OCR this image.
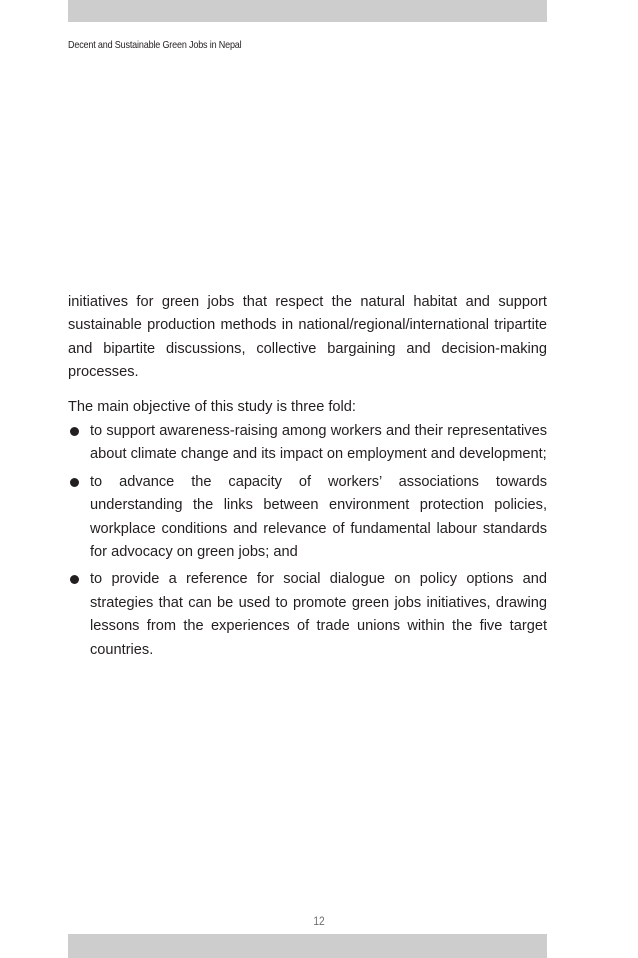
Decent and Sustainable Green Jobs in Nepal

initiatives for green jobs that respect the natural habitat and support sustainable production methods in national/regional/international tripartite and bipartite discussions, collective bargaining and decision-making processes.

The main objective of this study is three fold:

to support awareness-raising among workers and their representatives about climate change and its impact on employment and development;
to advance the capacity of workers’ associations towards understanding the links between environment protection policies, workplace conditions and relevance of fundamental labour standards for advocacy on green jobs; and
to provide a reference for social dialogue on policy options and strategies that can be used to promote green jobs initiatives, drawing lessons from the experiences of trade unions within the five target countries.
12
